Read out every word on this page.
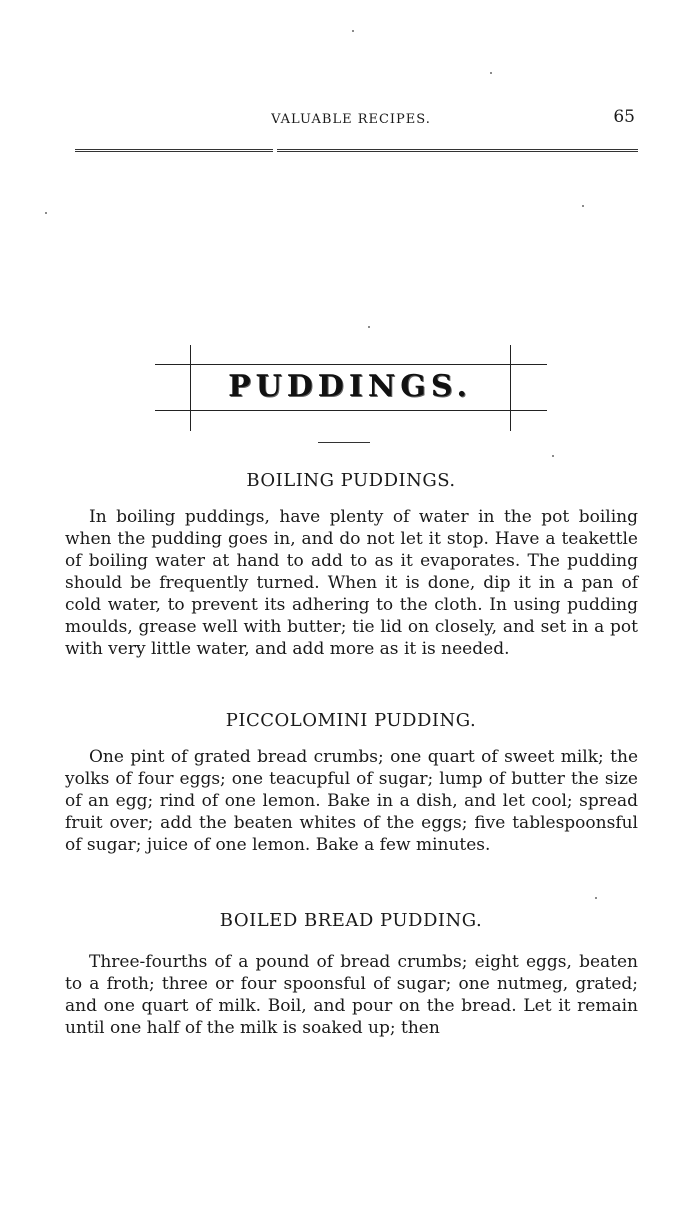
VALUABLE RECIPES.	65
PUDDINGS.
BOILING PUDDINGS.

In boiling puddings, have plenty of water in the pot boiling when the pudding goes in, and do not let it stop. Have a teakettle of boiling water at hand to add to as it evaporates. The pudding should be frequently turned. When it is done, dip it in a pan of cold water, to prevent its adhering to the cloth. In using pudding moulds, grease well with butter; tie lid on closely, and set in a pot with very little water, and add more as it is needed.

PICCOLOMINI PUDDING.

One pint of grated bread crumbs; one quart of sweet milk; the yolks of four eggs; one teacupful of sugar; lump of butter the size of an egg; rind of one lemon. Bake in a dish, and let cool; spread fruit over; add the beaten whites of the eggs; five tablespoonsful of sugar; juice of one lemon. Bake a few minutes.

BOILED BREAD PUDDING.

Three-fourths of a pound of bread crumbs; eight eggs, beaten to a froth; three or four spoonsful of sugar; one nutmeg, grated; and one quart of milk. Boil, and pour on the bread. Let it remain until one half of the milk is soaked up; then
